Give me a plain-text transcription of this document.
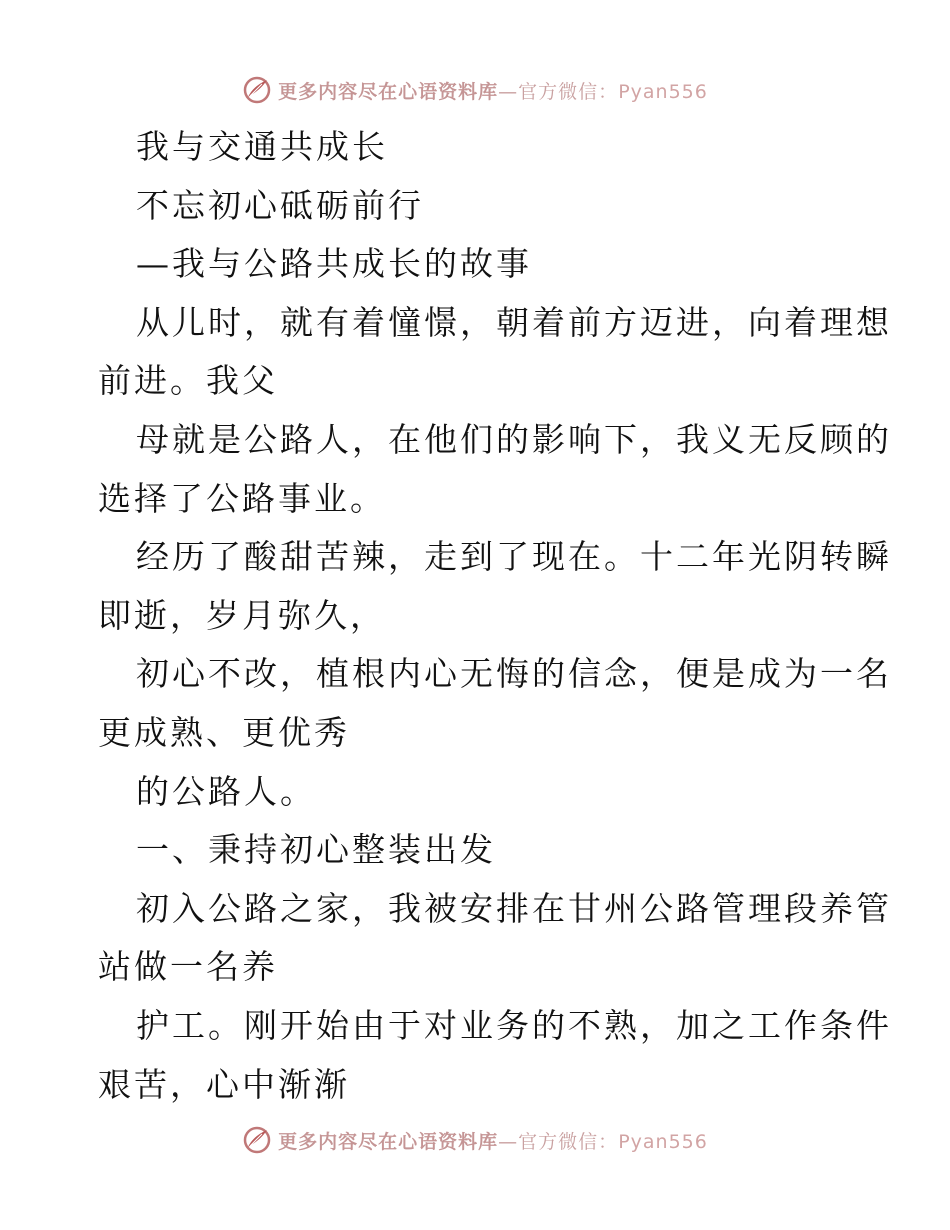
更多内容尽在心语资料库—官方微信：Pyan556
我与交通共成长
不忘初心砥砺前行
—我与公路共成长的故事
从儿时，就有着憧憬，朝着前方迈进，向着理想
前进。我父
母就是公路人，在他们的影响下，我义无反顾的
选择了公路事业。
经历了酸甜苦辣，走到了现在。十二年光阴转瞬
即逝，岁月弥久，
初心不改，植根内心无悔的信念，便是成为一名
更成熟、更优秀
的公路人。
一、秉持初心整装出发
初入公路之家，我被安排在甘州公路管理段养管
站做一名养
护工。刚开始由于对业务的不熟，加之工作条件
艰苦，心中渐渐
更多内容尽在心语资料库—官方微信：Pyan556
